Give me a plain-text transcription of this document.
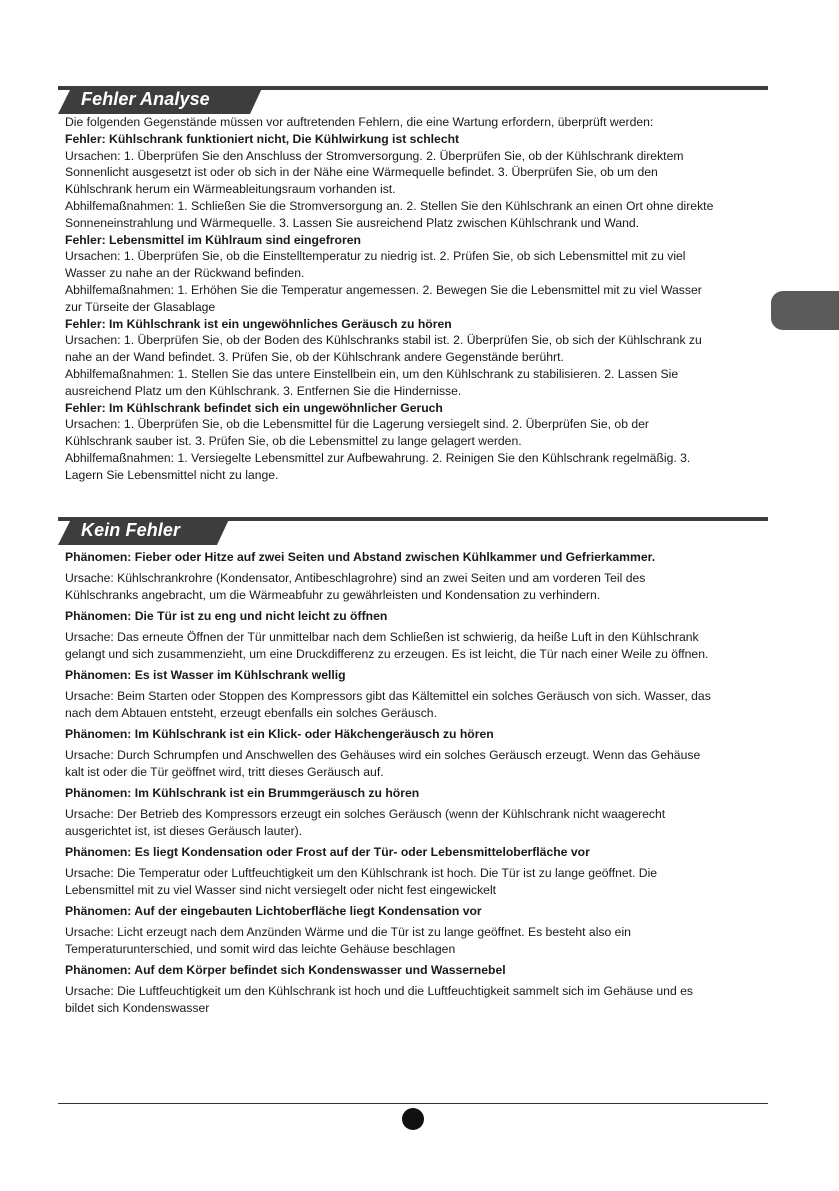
Fehler Analyse

Die folgenden Gegenstände müssen vor auftretenden Fehlern, die eine Wartung erfordern, überprüft werden:

Fehler: Kühlschrank funktioniert nicht, Die Kühlwirkung ist schlecht

Ursachen: 1. Überprüfen Sie den Anschluss der Stromversorgung. 2. Überprüfen Sie, ob der Kühlschrank direktem Sonnenlicht ausgesetzt ist oder ob sich in der Nähe eine Wärmequelle befindet. 3. Überprüfen Sie, ob um den Kühlschrank herum ein Wärmeableitungsraum vorhanden ist.

Abhilfemaßnahmen: 1. Schließen Sie die Stromversorgung an. 2. Stellen Sie den Kühlschrank an einen Ort ohne direkte Sonneneinstrahlung und Wärmequelle. 3. Lassen Sie ausreichend Platz zwischen Kühlschrank und Wand.

Fehler: Lebensmittel im Kühlraum sind eingefroren

Ursachen: 1. Überprüfen Sie, ob die Einstelltemperatur zu niedrig ist. 2. Prüfen Sie, ob sich Lebensmittel mit zu viel Wasser zu nahe an der Rückwand befinden.

Abhilfemaßnahmen: 1. Erhöhen Sie die Temperatur angemessen. 2. Bewegen Sie die Lebensmittel mit zu viel Wasser zur Türseite der Glasablage

Fehler: Im Kühlschrank ist ein ungewöhnliches Geräusch zu hören

Ursachen: 1. Überprüfen Sie, ob der Boden des Kühlschranks stabil ist. 2. Überprüfen Sie, ob sich der Kühlschrank zu nahe an der Wand befindet. 3. Prüfen Sie, ob der Kühlschrank andere Gegenstände berührt.

Abhilfemaßnahmen: 1. Stellen Sie das untere Einstellbein ein, um den Kühlschrank zu stabilisieren. 2. Lassen Sie ausreichend Platz um den Kühlschrank. 3. Entfernen Sie die Hindernisse.

Fehler: Im Kühlschrank befindet sich ein ungewöhnlicher Geruch

Ursachen: 1. Überprüfen Sie, ob die Lebensmittel für die Lagerung versiegelt sind. 2. Überprüfen Sie, ob der Kühlschrank sauber ist. 3. Prüfen Sie, ob die Lebensmittel zu lange gelagert werden.

Abhilfemaßnahmen: 1. Versiegelte Lebensmittel zur Aufbewahrung. 2. Reinigen Sie den Kühlschrank regelmäßig. 3. Lagern Sie Lebensmittel nicht zu lange.

Kein Fehler

Phänomen: Fieber oder Hitze auf zwei Seiten und Abstand zwischen Kühlkammer und Gefrierkammer.

Ursache: Kühlschrankrohre (Kondensator, Antibeschlagrohre) sind an zwei Seiten und am vorderen Teil des Kühlschranks angebracht, um die Wärmeabfuhr zu gewährleisten und Kondensation zu verhindern.

Phänomen: Die Tür ist zu eng und nicht leicht zu öffnen

Ursache: Das erneute Öffnen der Tür unmittelbar nach dem Schließen ist schwierig, da heiße Luft in den Kühlschrank gelangt und sich zusammenzieht, um eine Druckdifferenz zu erzeugen. Es ist leicht, die Tür nach einer Weile zu öffnen.

Phänomen: Es ist Wasser im Kühlschrank wellig

Ursache: Beim Starten oder Stoppen des Kompressors gibt das Kältemittel ein solches Geräusch von sich. Wasser, das nach dem Abtauen entsteht, erzeugt ebenfalls ein solches Geräusch.

Phänomen: Im Kühlschrank ist ein Klick- oder Häkchengeräusch zu hören

Ursache: Durch Schrumpfen und Anschwellen des Gehäuses wird ein solches Geräusch erzeugt. Wenn das Gehäuse kalt ist oder die Tür geöffnet wird, tritt dieses Geräusch auf.

Phänomen: Im Kühlschrank ist ein Brummgeräusch zu hören

Ursache: Der Betrieb des Kompressors erzeugt ein solches Geräusch (wenn der Kühlschrank nicht waagerecht ausgerichtet ist, ist dieses Geräusch lauter).

Phänomen: Es liegt Kondensation oder Frost auf der Tür- oder Lebensmitteloberfläche vor

Ursache: Die Temperatur oder Luftfeuchtigkeit um den Kühlschrank ist hoch. Die Tür ist zu lange geöffnet. Die Lebensmittel mit zu viel Wasser sind nicht versiegelt oder nicht fest eingewickelt

Phänomen: Auf der eingebauten Lichtoberfläche liegt Kondensation vor

Ursache: Licht erzeugt nach dem Anzünden Wärme und die Tür ist zu lange geöffnet. Es besteht also ein Temperaturunterschied, und somit wird das leichte Gehäuse beschlagen

Phänomen: Auf dem Körper befindet sich Kondenswasser und Wassernebel

Ursache: Die Luftfeuchtigkeit um den Kühlschrank ist hoch und die Luftfeuchtigkeit sammelt sich im Gehäuse und es bildet sich Kondenswasser
